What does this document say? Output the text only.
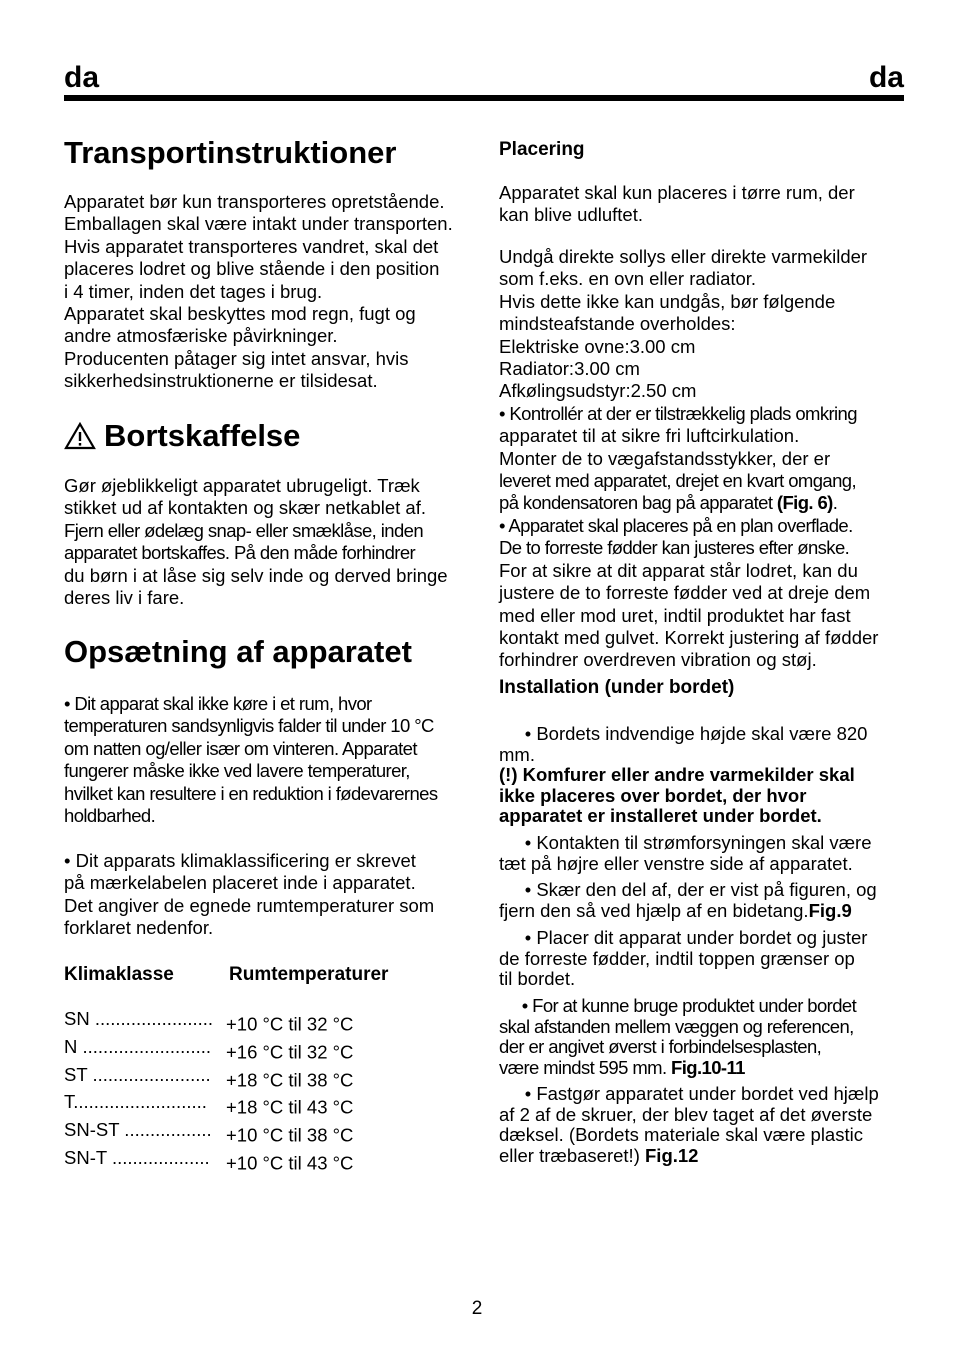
da	da
Transportinstruktioner
Apparatet bør kun transporteres opretstående.
Emballagen skal være intakt under transporten.
Hvis apparatet transporteres vandret, skal det
placeres lodret og blive stående i den position
i 4 timer, inden det tages i brug.
Apparatet skal beskyttes mod regn, fugt og
andre atmosfæriske påvirkninger.
Producenten påtager sig intet ansvar, hvis
sikkerhedsinstruktionerne er tilsidesat.
Bortskaffelse
Gør øjeblikkeligt apparatet ubrugeligt. Træk
stikket ud af kontakten og skær netkablet af.
Fjern eller ødelæg snap- eller smæklåse, inden
apparatet bortskaffes. På den måde forhindrer
du børn i at låse sig selv inde og derved bringe
deres liv i fare.
Opsætning af apparatet
• Dit apparat skal ikke køre i et rum, hvor
temperaturen sandsynligvis falder til under 10 °C
om natten og/eller især om vinteren. Apparatet
fungerer måske ikke ved lavere temperaturer,
hvilket kan resultere i en reduktion i fødevarernes
holdbarhed.
• Dit apparats klimaklassificering er skrevet
på mærkelabelen placeret inde i apparatet.
Det angiver de egnede rumtemperaturer som
forklaret nedenfor.
Klimaklasse	Rumtemperaturer
SN ....................... +10 °C til 32 °C
N ......................... +16 °C til 32 °C
ST ....................... +18 °C til 38 °C
T.......................... +18 °C til 43 °C
SN-ST ................. +10 °C til 38 °C
SN-T ................... +10 °C til 43 °C
Placering
Apparatet skal kun placeres i tørre rum, der
kan blive udluftet.
Undgå direkte sollys eller direkte varmekilder
som f.eks. en ovn eller radiator.
Hvis dette ikke kan undgås, bør følgende
mindsteafstande overholdes:
Elektriske ovne:3.00 cm
Radiator:3.00 cm
Afkølingsudstyr:2.50 cm
• Kontrollér at der er tilstrækkelig plads omkring
apparatet til at sikre fri luftcirkulation.
Monter de to vægafstandsstykker, der er
leveret med apparatet, drejet en kvart omgang,
på kondensatoren bag på apparatet (Fig. 6).
• Apparatet skal placeres på en plan overflade.
De to forreste fødder kan justeres efter ønske.
For at sikre at dit apparat står lodret, kan du
justere de to forreste fødder ved at dreje dem
med eller mod uret, indtil produktet har fast
kontakt med gulvet. Korrekt justering af fødder
forhindrer overdreven vibration og støj.
Installation (under bordet)
• Bordets indvendige højde skal være 820
mm.
(!) Komfurer eller andre varmekilder skal
ikke placeres over bordet, der hvor
apparatet er installeret under bordet.
• Kontakten til strømforsyningen skal være
tæt på højre eller venstre side af apparatet.
• Skær den del af, der er vist på figuren, og
fjern den så ved hjælp af en bidetang.Fig.9
• Placer dit apparat under bordet og juster
de forreste fødder, indtil toppen grænser op
til bordet.
• For at kunne bruge produktet under bordet
skal afstanden mellem væggen og referencen,
der er angivet øverst i forbindelsesplasten,
være mindst 595 mm. Fig.10-11
• Fastgør apparatet under bordet ved hjælp
af 2 af de skruer, der blev taget af det øverste
dæksel. (Bordets materiale skal være plastic
eller træbaseret!) Fig.12
2
